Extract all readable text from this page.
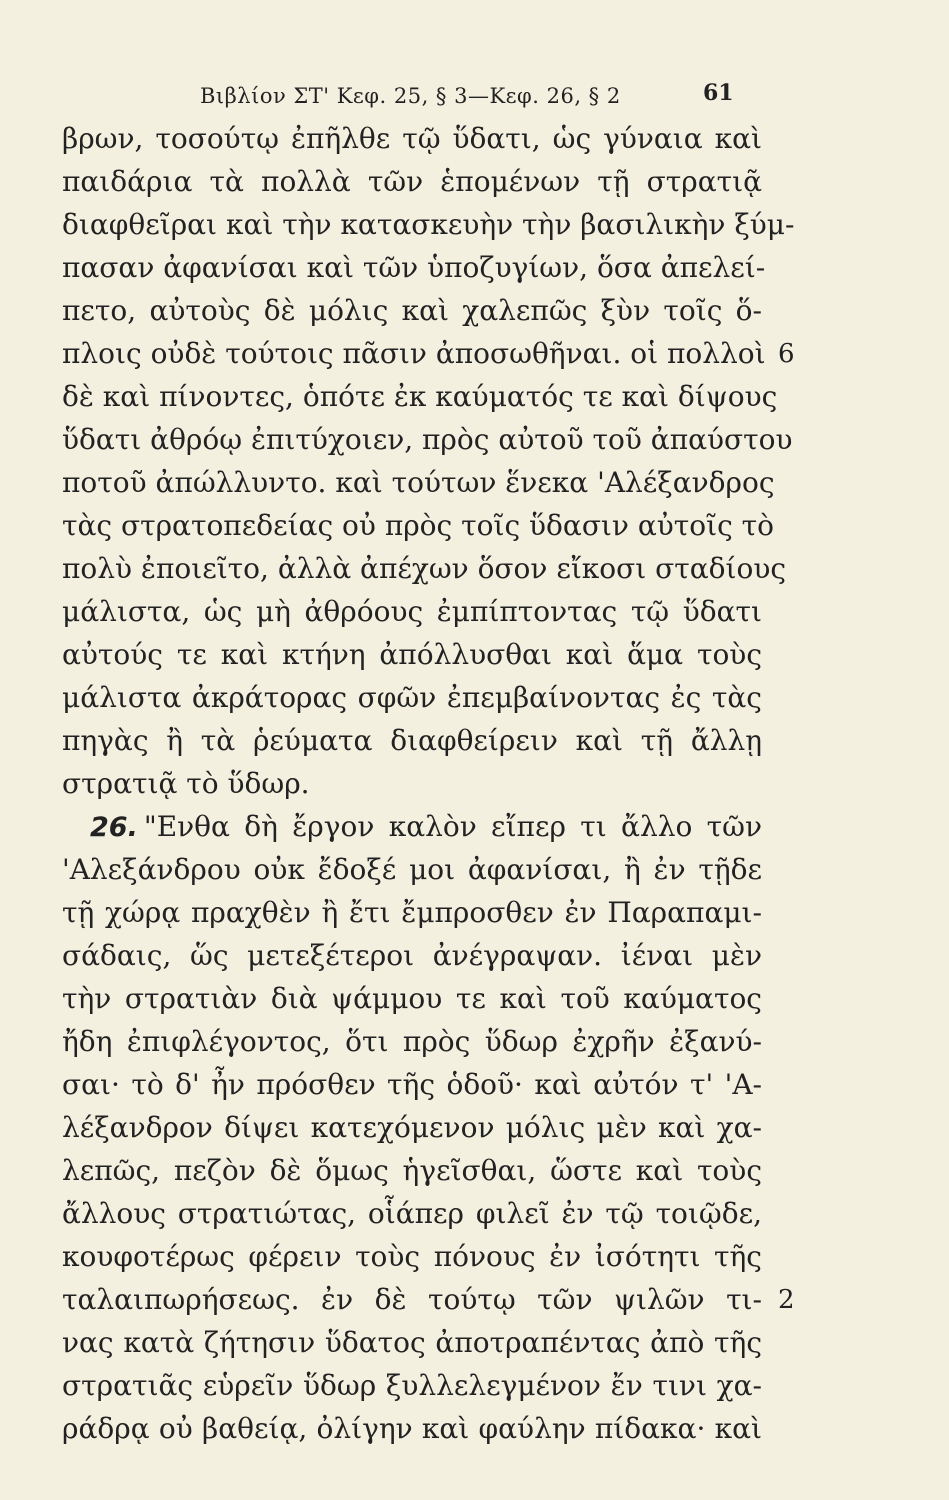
Βιβλίον ΣΤ' Κεφ. 25, § 3—Κεφ. 26, § 2	61
βρων, τοσούτῳ ἐπῆλθε τῷ ὕδατι, ὡς γύναια καὶ
παιδάρια τὰ πολλὰ τῶν ἑπομένων τῇ στρατιᾷ
διαφθεῖραι καὶ τὴν κατασκευὴν τὴν βασιλικὴν ξύμ-
πασαν ἀφανίσαι καὶ τῶν ὑποζυγίων, ὅσα ἀπελεί-
πετο, αὐτοὺς δὲ μόλις καὶ χαλεπῶς ξὺν τοῖς ὅ-
πλοις οὐδὲ τούτοις πᾶσιν ἀποσωθῆναι. οἱ πολλοὶ
δὲ καὶ πίνοντες, ὁπότε ἐκ καύματός τε καὶ δίψους
ὕδατι ἀθρόῳ ἐπιτύχοιεν, πρὸς αὐτοῦ τοῦ ἀπαύστου
ποτοῦ ἀπώλλυντο. καὶ τούτων ἕνεκα 'Αλέξανδρος
τὰς στρατοπεδείας οὐ πρὸς τοῖς ὕδασιν αὐτοῖς τὸ
πολὺ ἐποιεῖτο, ἀλλὰ ἀπέχων ὅσον εἴκοσι σταδίους
μάλιστα, ὡς μὴ ἀθρόους ἐμπίπτοντας τῷ ὕδατι
αὐτούς τε καὶ κτήνη ἀπόλλυσθαι καὶ ἅμα τοὺς
μάλιστα ἀκράτορας σφῶν ἐπεμβαίνοντας ἐς τὰς
πηγὰς ἢ τὰ ῥεύματα διαφθείρειν καὶ τῇ ἄλλῃ
στρατιᾷ τὸ ὕδωρ.
26. "Ενθα δὴ ἔργον καλὸν εἴπερ τι ἄλλο τῶν
'Αλεξάνδρου οὐκ ἔδοξέ μοι ἀφανίσαι, ἢ ἐν τῇδε
τῇ χώρᾳ πραχθὲν ἢ ἔτι ἔμπροσθεν ἐν Παραπαμι-
σάδαις, ὥς μετεξέτεροι ἀνέγραψαν. ἰέναι μὲν
τὴν στρατιὰν διὰ ψάμμου τε καὶ τοῦ καύματος
ἤδη ἐπιφλέγοντος, ὅτι πρὸς ὕδωρ ἐχρῆν ἐξανύ-
σαι· τὸ δ' ἦν πρόσθεν τῆς ὁδοῦ· καὶ αὐτόν τ' 'Α-
λέξανδρον δίψει κατεχόμενον μόλις μὲν καὶ χα-
λεπῶς, πεζὸν δὲ ὅμως ἡγεῖσθαι, ὥστε καὶ τοὺς
ἄλλους στρατιώτας, οἷάπερ φιλεῖ ἐν τῷ τοιῷδε,
κουφοτέρως φέρειν τοὺς πόνους ἐν ἰσότητι τῆς
ταλαιπωρήσεως. ἐν δὲ τούτῳ τῶν ψιλῶν τι-
νας κατὰ ζήτησιν ὕδατος ἀποτραπέντας ἀπὸ τῆς
στρατιᾶς εὑρεῖν ὕδωρ ξυλλελεγμένον ἔν τινι χα-
ράδρᾳ οὐ βαθείᾳ, ὀλίγην καὶ φαύλην πίδακα· καὶ
6
2
